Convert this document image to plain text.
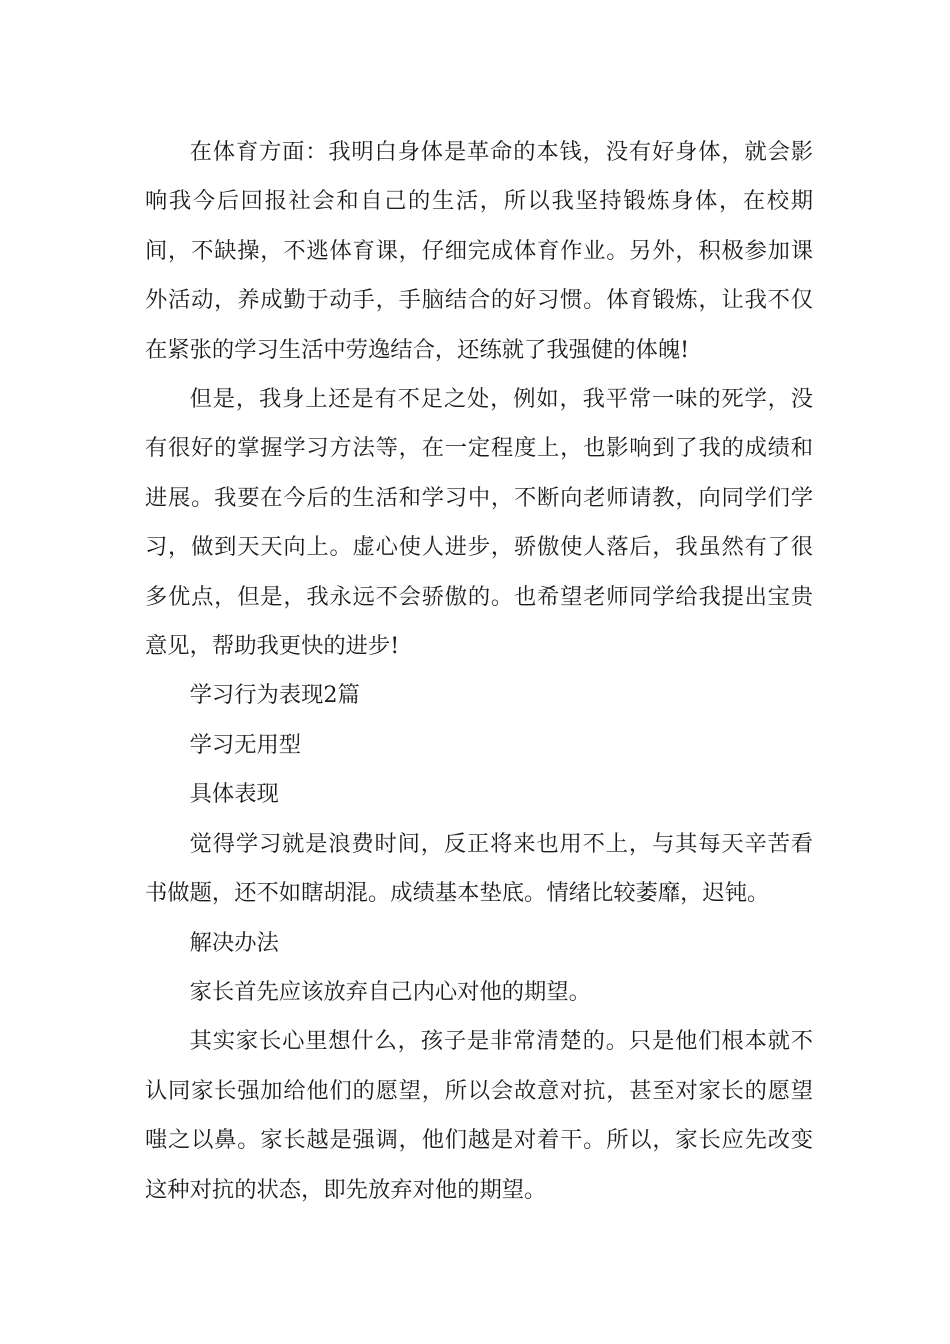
在体育方面：我明白身体是革命的本钱，没有好身体，就会影响我今后回报社会和自己的生活，所以我坚持锻炼身体，在校期间，不缺操，不逃体育课，仔细完成体育作业。另外，积极参加课外活动，养成勤于动手，手脑结合的好习惯。体育锻炼，让我不仅在紧张的学习生活中劳逸结合，还练就了我强健的体魄!

但是，我身上还是有不足之处，例如，我平常一味的死学，没有很好的掌握学习方法等，在一定程度上，也影响到了我的成绩和进展。我要在今后的生活和学习中，不断向老师请教，向同学们学习，做到天天向上。虚心使人进步，骄傲使人落后，我虽然有了很多优点，但是，我永远不会骄傲的。也希望老师同学给我提出宝贵意见，帮助我更快的进步!

学习行为表现2篇

学习无用型

具体表现

觉得学习就是浪费时间，反正将来也用不上，与其每天辛苦看书做题，还不如瞎胡混。成绩基本垫底。情绪比较萎靡，迟钝。

解决办法

家长首先应该放弃自己内心对他的期望。

其实家长心里想什么，孩子是非常清楚的。只是他们根本就不认同家长强加给他们的愿望，所以会故意对抗，甚至对家长的愿望嗤之以鼻。家长越是强调，他们越是对着干。所以，家长应先改变这种对抗的状态，即先放弃对他的期望。
